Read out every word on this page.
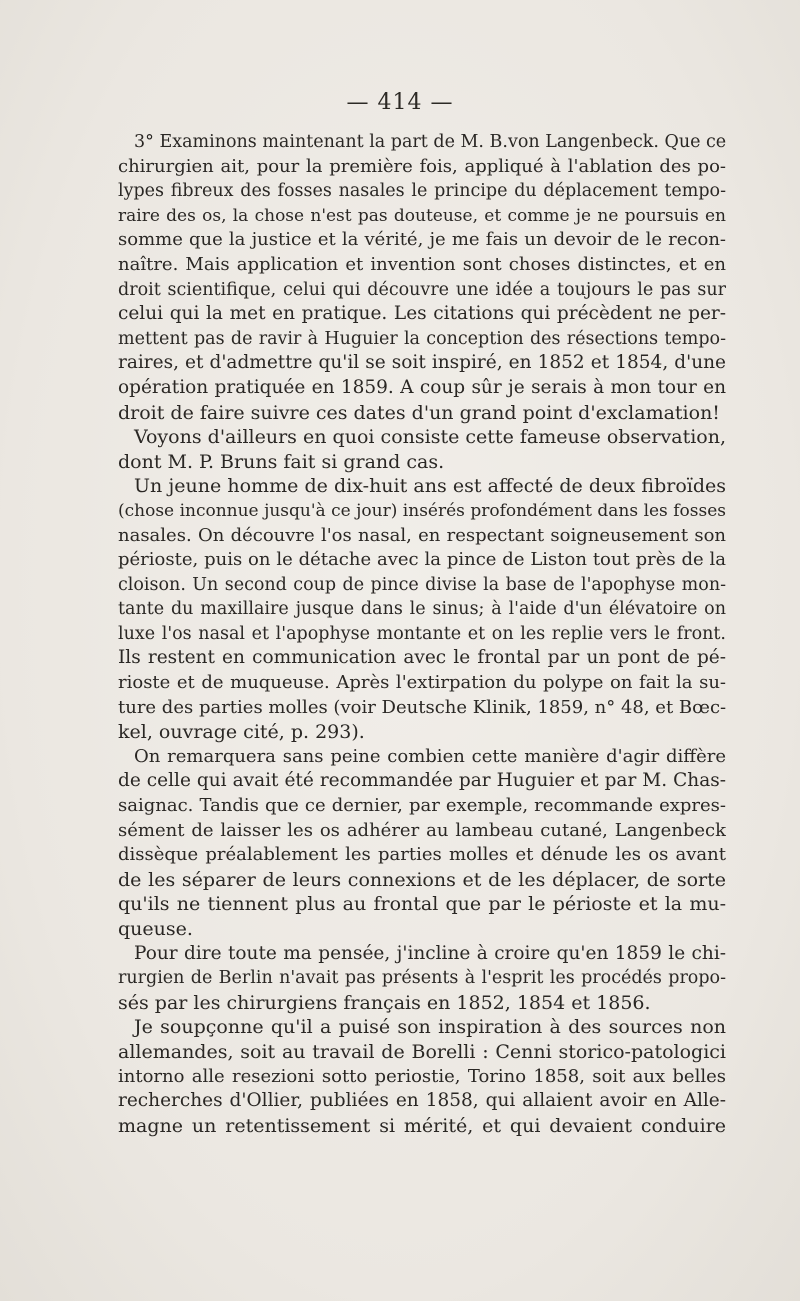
— 414 —
3° Examinons maintenant la part de M. B.von Langenbeck. Que ce
chirurgien ait, pour la première fois, appliqué à l'ablation des po-
lypes fibreux des fosses nasales le principe du déplacement tempo-
raire des os, la chose n'est pas douteuse, et comme je ne poursuis en
somme que la justice et la vérité, je me fais un devoir de le recon-
naître. Mais application et invention sont choses distinctes, et en
droit scientifique, celui qui découvre une idée a toujours le pas sur
celui qui la met en pratique. Les citations qui précèdent ne per-
mettent pas de ravir à Huguier la conception des résections tempo-
raires, et d'admettre qu'il se soit inspiré, en 1852 et 1854, d'une
opération pratiquée en 1859. A coup sûr je serais à mon tour en
droit de faire suivre ces dates d'un grand point d'exclamation!
Voyons d'ailleurs en quoi consiste cette fameuse observation,
dont M. P. Bruns fait si grand cas.
Un jeune homme de dix-huit ans est affecté de deux fibroïdes
(chose inconnue jusqu'à ce jour) insérés profondément dans les fosses
nasales. On découvre l'os nasal, en respectant soigneusement son
périoste, puis on le détache avec la pince de Liston tout près de la
cloison. Un second coup de pince divise la base de l'apophyse mon-
tante du maxillaire jusque dans le sinus; à l'aide d'un élévatoire on
luxe l'os nasal et l'apophyse montante et on les replie vers le front.
Ils restent en communication avec le frontal par un pont de pé-
rioste et de muqueuse. Après l'extirpation du polype on fait la su-
ture des parties molles (voir Deutsche Klinik, 1859, n° 48, et Bœc-
kel, ouvrage cité, p. 293).
On remarquera sans peine combien cette manière d'agir diffère
de celle qui avait été recommandée par Huguier et par M. Chas-
saignac. Tandis que ce dernier, par exemple, recommande expres-
sément de laisser les os adhérer au lambeau cutané, Langenbeck
dissèque préalablement les parties molles et dénude les os avant
de les séparer de leurs connexions et de les déplacer, de sorte
qu'ils ne tiennent plus au frontal que par le périoste et la mu-
queuse.
Pour dire toute ma pensée, j'incline à croire qu'en 1859 le chi-
rurgien de Berlin n'avait pas présents à l'esprit les procédés propo-
sés par les chirurgiens français en 1852, 1854 et 1856.
Je soupçonne qu'il a puisé son inspiration à des sources non
allemandes, soit au travail de Borelli : Cenni storico-patologici
intorno alle resezioni sotto periostie, Torino 1858, soit aux belles
recherches d'Ollier, publiées en 1858, qui allaient avoir en Alle-
magne un retentissement si mérité, et qui devaient conduire
